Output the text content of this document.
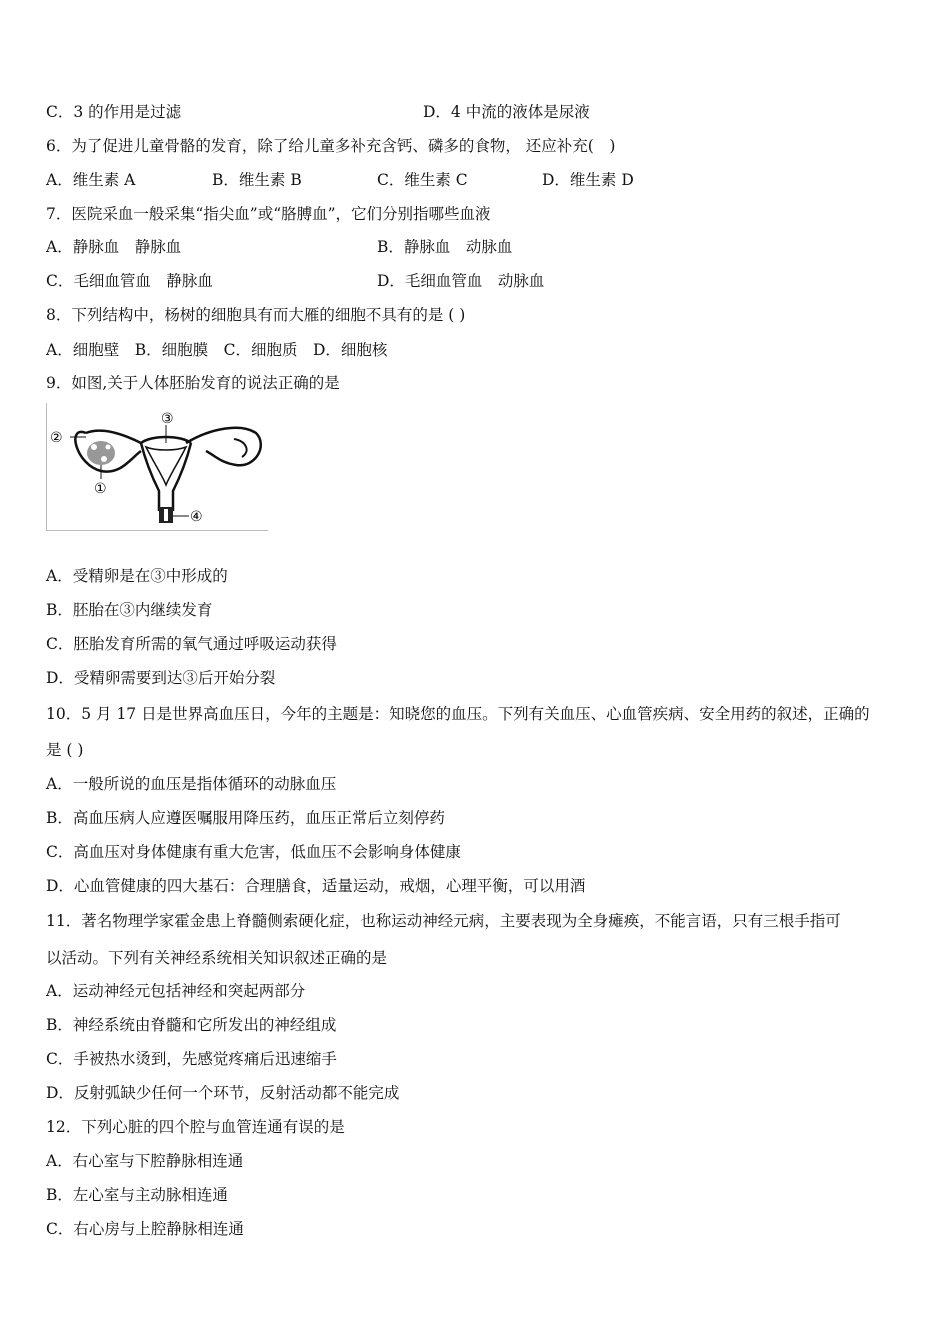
C．3 的作用是过滤	D．4 中流的液体是尿液
6．为了促进儿童骨骼的发育，除了给儿童多补充含钙、磷多的食物， 还应补充(　)
A．维生素 A	B．维生素 B	C．维生素 C	D．维生素 D
7．医院采血一般采集“指尖血”或“胳膊血”，它们分别指哪些血液
A．静脉血　静脉血	B．静脉血　动脉血
C．毛细血管血　静脉血	D．毛细血管血　动脉血
8．下列结构中，杨树的细胞具有而大雁的细胞不具有的是 ( )
A．细胞壁　B．细胞膜　C．细胞质　D．细胞核
9．如图,关于人体胚胎发育的说法正确的是
③
②
①
④
A．受精卵是在③中形成的
B．胚胎在③内继续发育
C．胚胎发育所需的氧气通过呼吸运动获得
D．受精卵需要到达③后开始分裂
10．5 月 17 日是世界高血压日，今年的主题是：知晓您的血压。下列有关血压、心血管疾病、安全用药的叙述，正确的
是 ( )
A．一般所说的血压是指体循环的动脉血压
B．高血压病人应遵医嘱服用降压药，血压正常后立刻停药
C．高血压对身体健康有重大危害，低血压不会影响身体健康
D．心血管健康的四大基石：合理膳食，适量运动，戒烟，心理平衡，可以用酒
11．著名物理学家霍金患上脊髓侧索硬化症，也称运动神经元病，主要表现为全身瘫痪，不能言语，只有三根手指可
以活动。下列有关神经系统相关知识叙述正确的是
A．运动神经元包括神经和突起两部分
B．神经系统由脊髓和它所发出的神经组成
C．手被热水烫到，先感觉疼痛后迅速缩手
D．反射弧缺少任何一个环节，反射活动都不能完成
12．下列心脏的四个腔与血管连通有误的是
A．右心室与下腔静脉相连通
B．左心室与主动脉相连通
C．右心房与上腔静脉相连通
